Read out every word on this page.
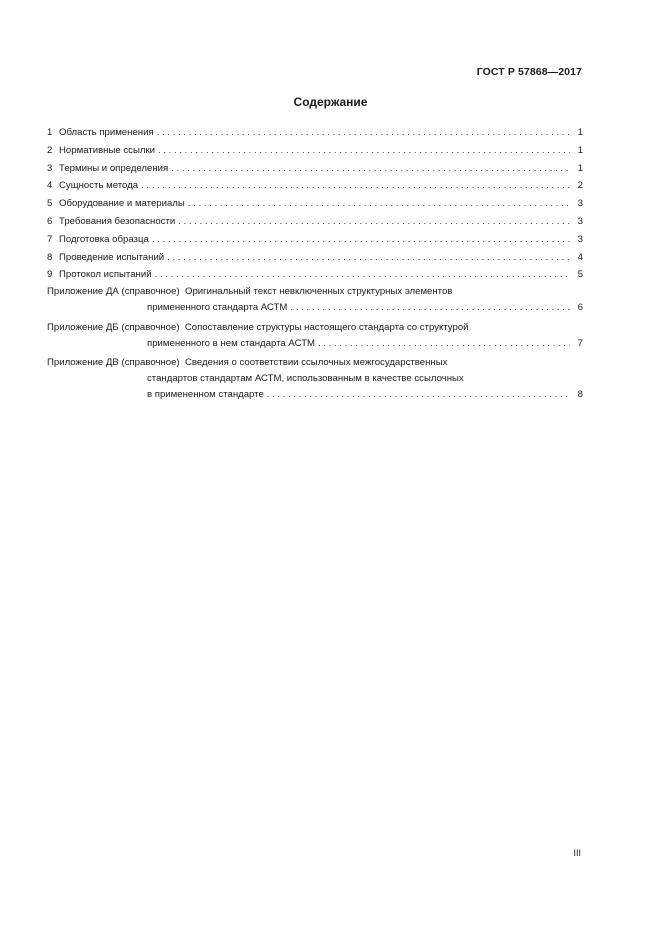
ГОСТ Р 57868—2017
Содержание
1 Область применения . . .	1
2 Нормативные ссылки . . .	1
3 Термины и определения . . .	1
4 Сущность метода . . .	2
5 Оборудование и материалы . . .	3
6 Требования безопасности . . .	3
7 Подготовка образца . . .	3
8 Проведение испытаний . . .	4
9 Протокол испытаний . . .	5
Приложение ДА (справочное) Оригинальный текст невключенных структурных элементов
примененного стандарта АСТМ . . .	6
Приложение ДБ (справочное) Сопоставление структуры настоящего стандарта со структурой
примененного в нем стандарта АСТМ . . .	7
Приложение ДВ (справочное) Сведения о соответствии ссылочных межгосударственных
стандартов стандартам АСТМ, использованным в качестве ссылочных
в примененном стандарте . . .	8
III
